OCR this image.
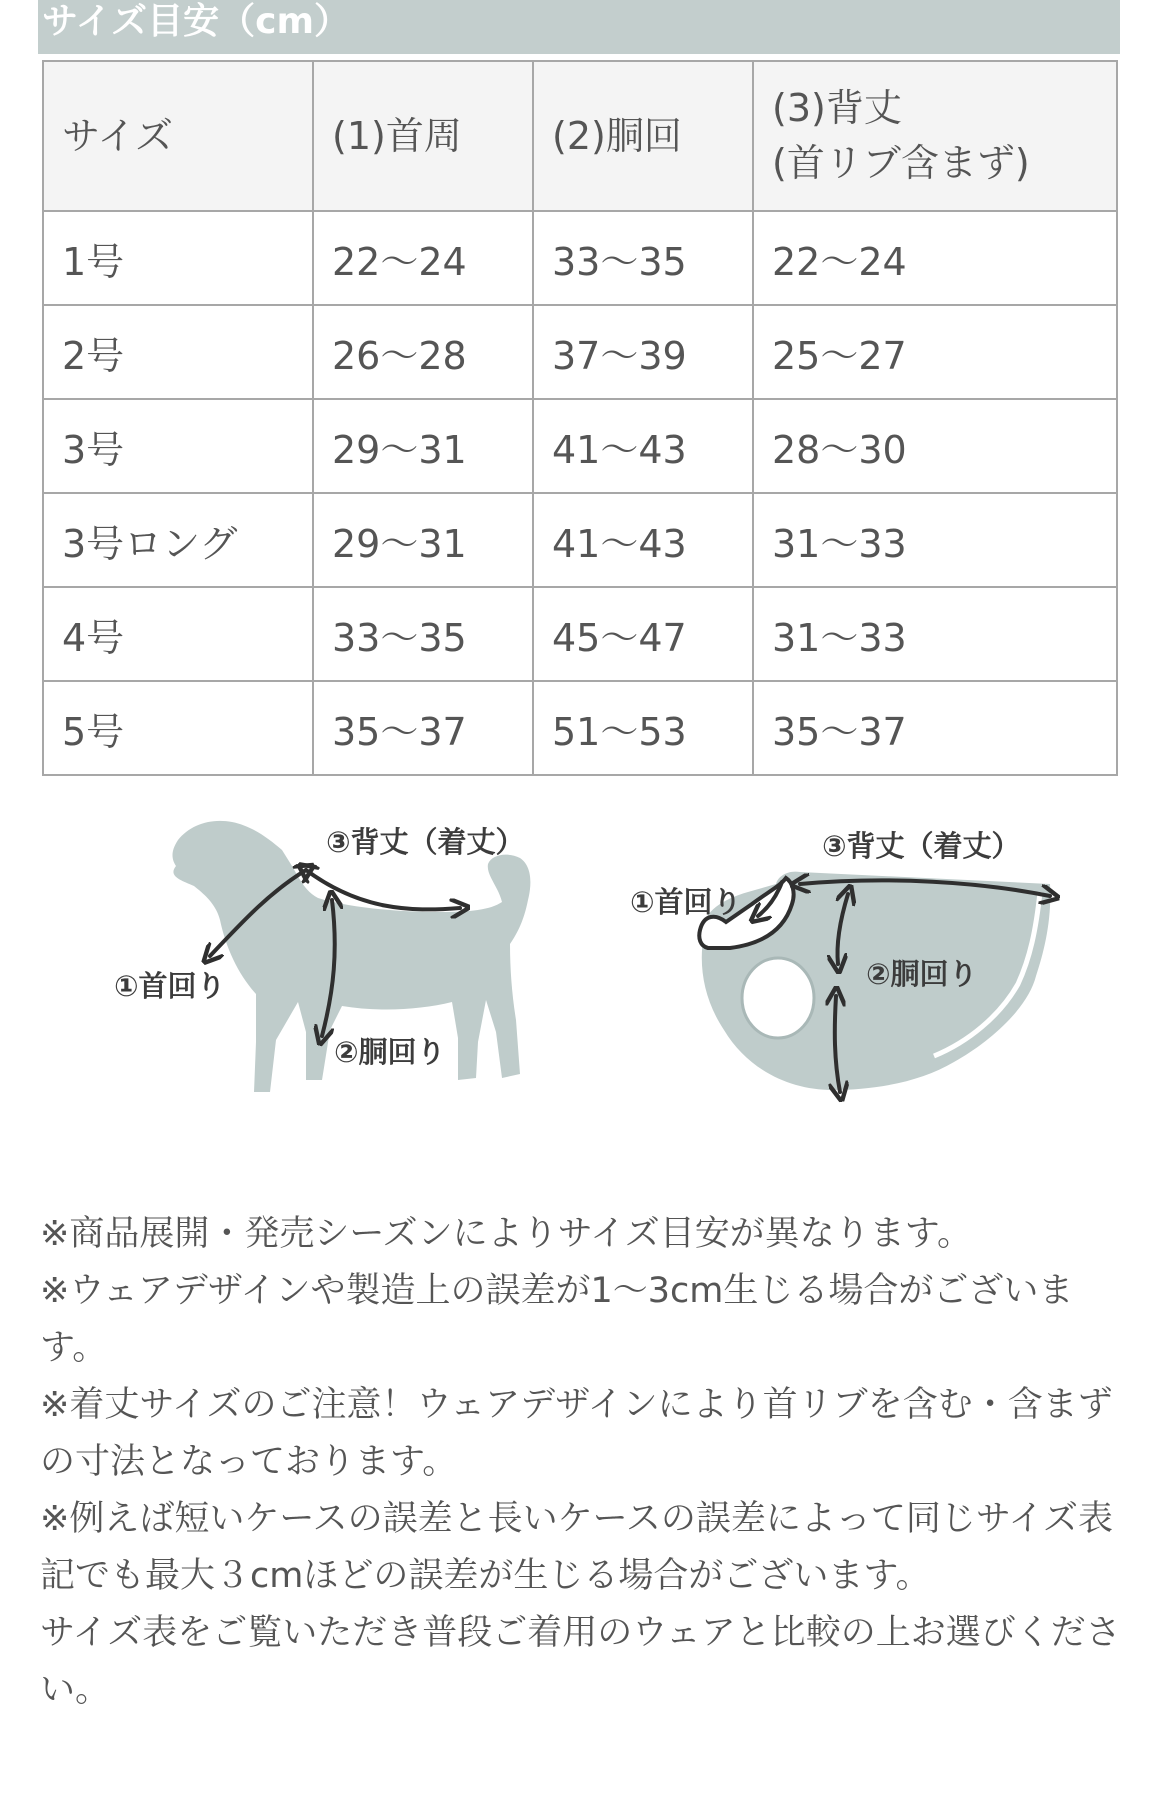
サイズ目安（cm）
サイズ	(1)首周	(2)胴回	(3)背丈
(首リブ含まず)
1号	22～24	33～35	22～24
2号	26～28	37～39	25～27
3号	29～31	41～43	28～30
3号ロング	29～31	41～43	31～33
4号	33～35	45～47	31～33
5号	35～37	51～53	35～37
③背丈（着丈）
①首回り
②胴回り
③背丈（着丈）
①首回り
②胴回り

※商品展開・発売シーズンによりサイズ目安が異なります。

※ウェアデザインや製造上の誤差が1～3cm生じる場合がございます。

※着丈サイズのご注意！ウェアデザインにより首リブを含む・含まずの寸法となっております。

※例えば短いケースの誤差と長いケースの誤差によって同じサイズ表記でも最大３cmほどの誤差が生じる場合がございます。

サイズ表をご覧いただき普段ご着用のウェアと比較の上お選びください。
